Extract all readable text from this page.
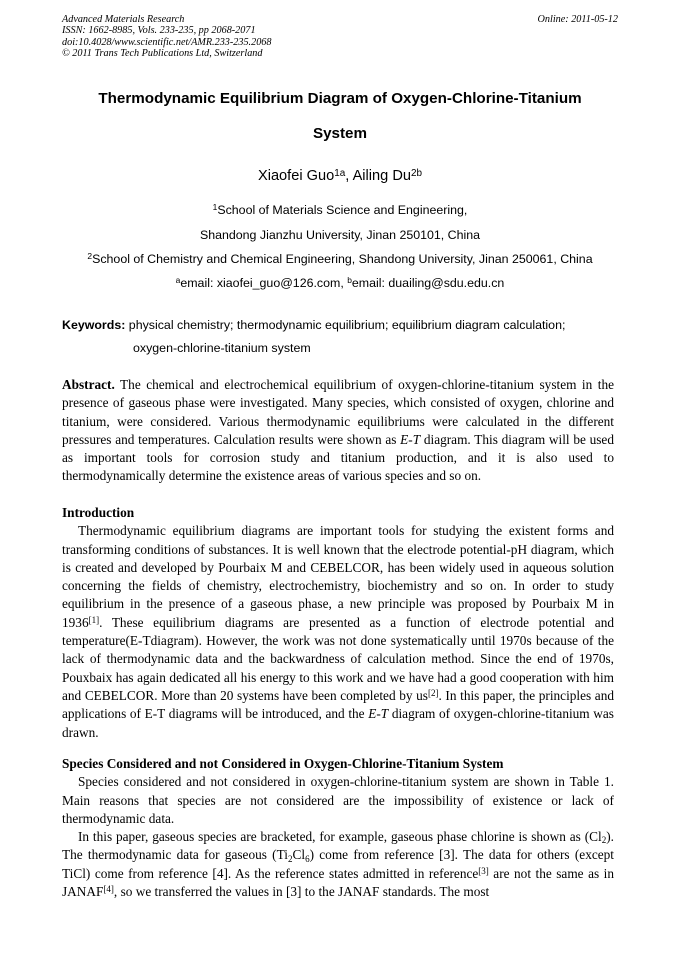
Advanced Materials Research
ISSN: 1662-8985, Vols. 233-235, pp 2068-2071
doi:10.4028/www.scientific.net/AMR.233-235.2068
© 2011 Trans Tech Publications Ltd, Switzerland
Online: 2011-05-12
Thermodynamic Equilibrium Diagram of Oxygen-Chlorine-Titanium
System
Xiaofei Guo$^{1a}$, Ailing $Du^{2b}$
$^1$School of Materials Science and Engineering,
Shandong Jianzhu University, Jinan 250101, China
$^2$School of Chemistry and Chemical Engineering, Shandong University, Jinan 250061, China
$^a$email: xiaofei_guo@126.com, $^b$email: duailing@sdu.edu.cn
Keywords: physical chemistry; thermodynamic equilibrium; equilibrium diagram calculation;
oxygen-chlorine-titanium system

Abstract. The chemical and electrochemical equilibrium of oxygen-chlorine-titanium system in the presence of gaseous phase were investigated. Many species, which consisted of oxygen, chlorine and titanium, were considered. Various thermodynamic equilibriums were calculated in the different pressures and temperatures. Calculation results were shown as E-T diagram. This diagram will be used as important tools for corrosion study and titanium production, and it is also used to thermodynamically determine the existence areas of various species and so on.

Introduction

Thermodynamic equilibrium diagrams are important tools for studying the existent forms and transforming conditions of substances. It is well known that the electrode potential-pH diagram, which is created and developed by Pourbaix M and CEBELCOR, has been widely used in aqueous solution concerning the fields of chemistry, electrochemistry, biochemistry and so on. In order to study equilibrium in the presence of a gaseous phase, a new principle was proposed by Pourbaix M in 1936[1]. These equilibrium diagrams are presented as a function of electrode potential and temperature(E-Tdiagram). However, the work was not done systematically until 1970s because of the lack of thermodynamic data and the backwardness of calculation method. Since the end of 1970s, Pouxbaix has again dedicated all his energy to this work and we have had a good cooperation with him and CEBELCOR. More than 20 systems have been completed by us[2]. In this paper, the principles and applications of E-T diagrams will be introduced, and the E-T diagram of oxygen-chlorine-titanium was drawn.

Species Considered and not Considered in Oxygen-Chlorine-Titanium System

Species considered and not considered in oxygen-chlorine-titanium system are shown in Table 1. Main reasons that species are not considered are the impossibility of existence or lack of thermodynamic data.

In this paper, gaseous species are bracketed, for example, gaseous phase chlorine is shown as $(Cl_2)$. The thermodynamic data for gaseous $(Ti_2Cl_6)$ come from reference [3]. The data for others (except TiCl) come from reference [4]. As the reference states admitted in reference[3] are not the same as in JANAF[4], so we transferred the values in [3] to the JANAF standards. The most
